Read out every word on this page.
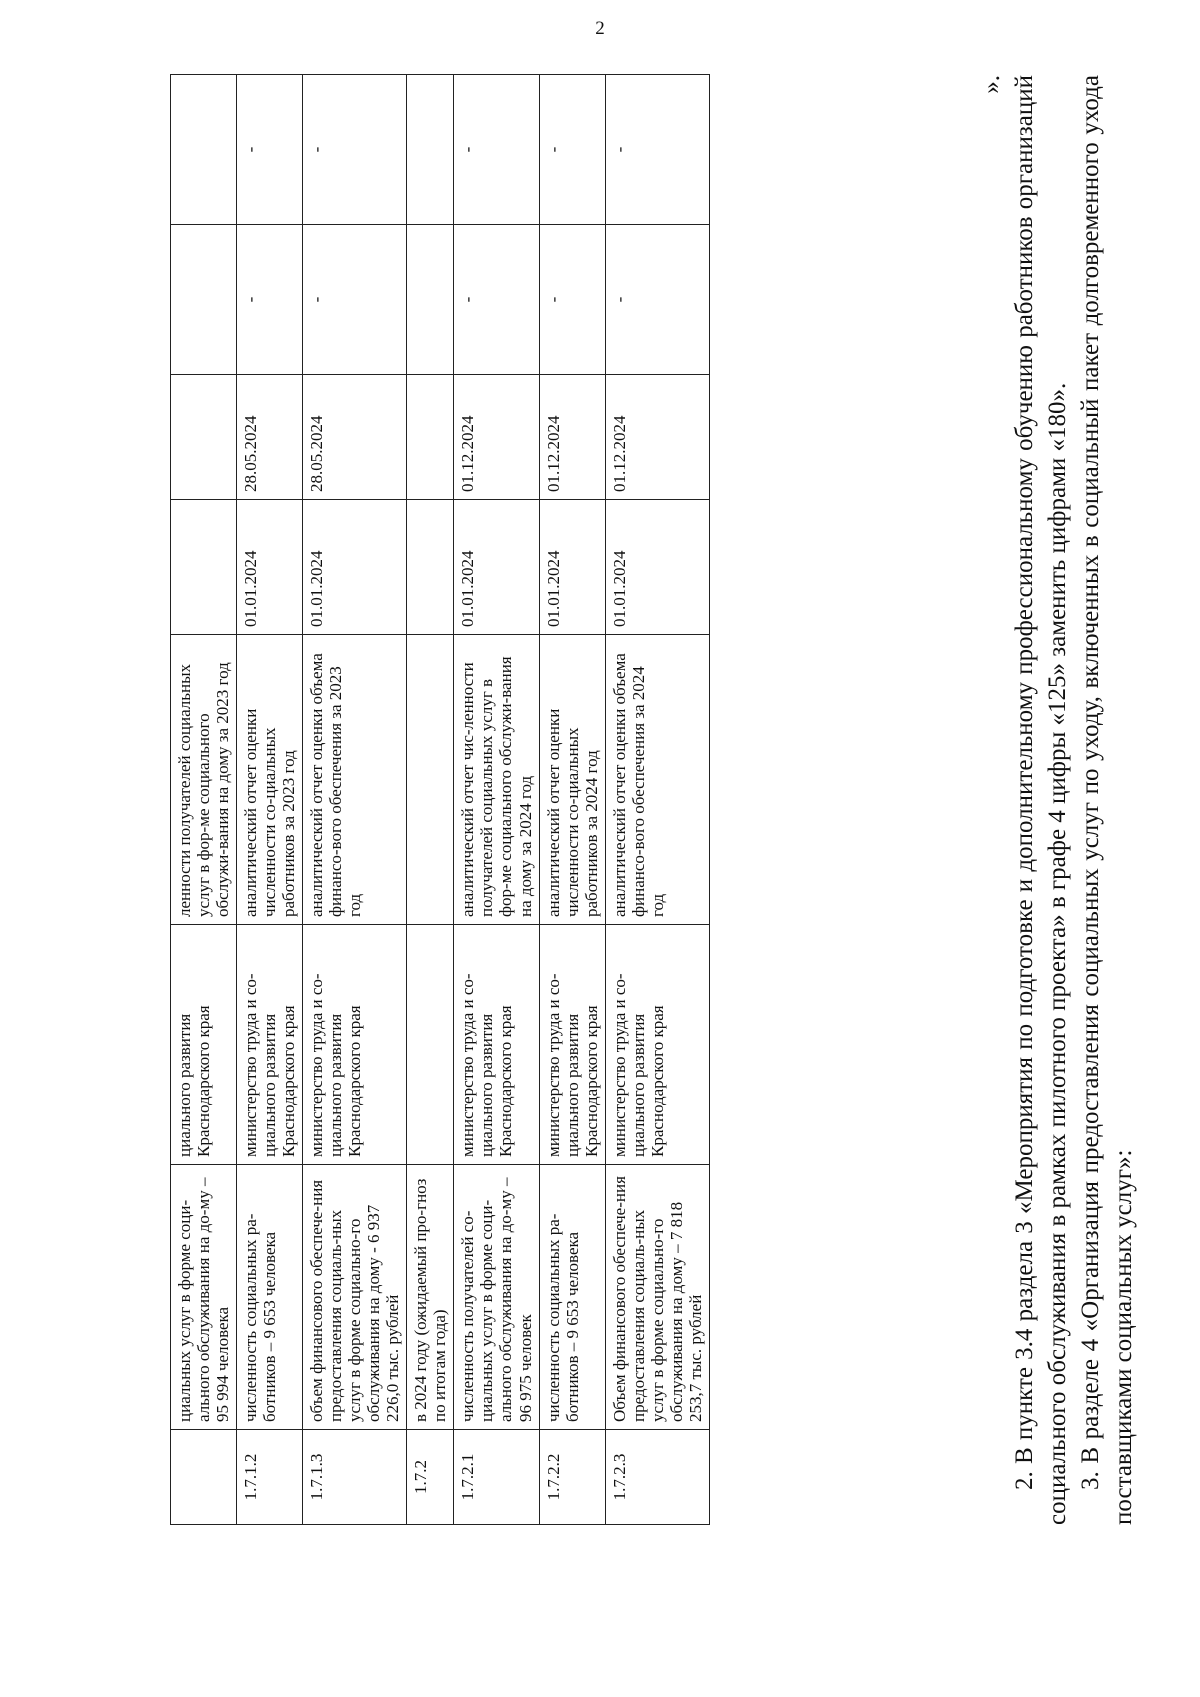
2
	циальных услуг в форме соци-ального обслуживания на до-му – 95 994 человека	циального развития Краснодарского края	ленности получателей социальных услуг в фор-ме социального обслужи-вания на дому за 2023 год				
1.7.1.2	численность социальных ра-ботников – 9 653 человека	министерство труда и со-циального развития Краснодарского края	аналитический отчет оценки численности со-циальных работников за 2023 год	01.01.2024	28.05.2024	-	-
1.7.1.3	объем финансового обеспече-ния предоставления социаль-ных услуг в форме социально-го обслуживания на дому - 6 937 226,0 тыс. рублей	министерство труда и со-циального развития Краснодарского края	аналитический отчет оценки объема финансо-вого обеспечения за 2023 год	01.01.2024	28.05.2024	-	-
1.7.2	в 2024 году (ожидаемый про-гноз по итогам года)						
1.7.2.1	численность получателей со-циальных услуг в форме соци-ального обслуживания на до-му – 96 975 человек	министерство труда и со-циального развития Краснодарского края	аналитический отчет чис-ленности получателей социальных услуг в фор-ме социального обслужи-вания на дому за 2024 год	01.01.2024	01.12.2024	-	-
1.7.2.2	численность социальных ра-ботников – 9 653 человека	министерство труда и со-циального развития Краснодарского края	аналитический отчет оценки численности со-циальных работников за 2024 год	01.01.2024	01.12.2024	-	-
1.7.2.3	Объем финансового обеспече-ния предоставления социаль-ных услуг в форме социально-го обслуживания на дому – 7 818 253,7 тыс. рублей	министерство труда и со-циального развития Краснодарского края	аналитический отчет оценки объема финансо-вого обеспечения за 2024 год	01.01.2024	01.12.2024	-	-

». 2. В пункте 3.4 раздела 3 «Мероприятия по подготовке и дополнительному профессиональному обучению работников организаций социального обслуживания в рамках пилотного проекта» в графе 4 цифры «125» заменить цифрами «180». 3. В разделе 4 «Организация предоставления социальных услуг по уходу, включенных в социальный пакет долговременного ухода поставщиками социальных услуг»:
